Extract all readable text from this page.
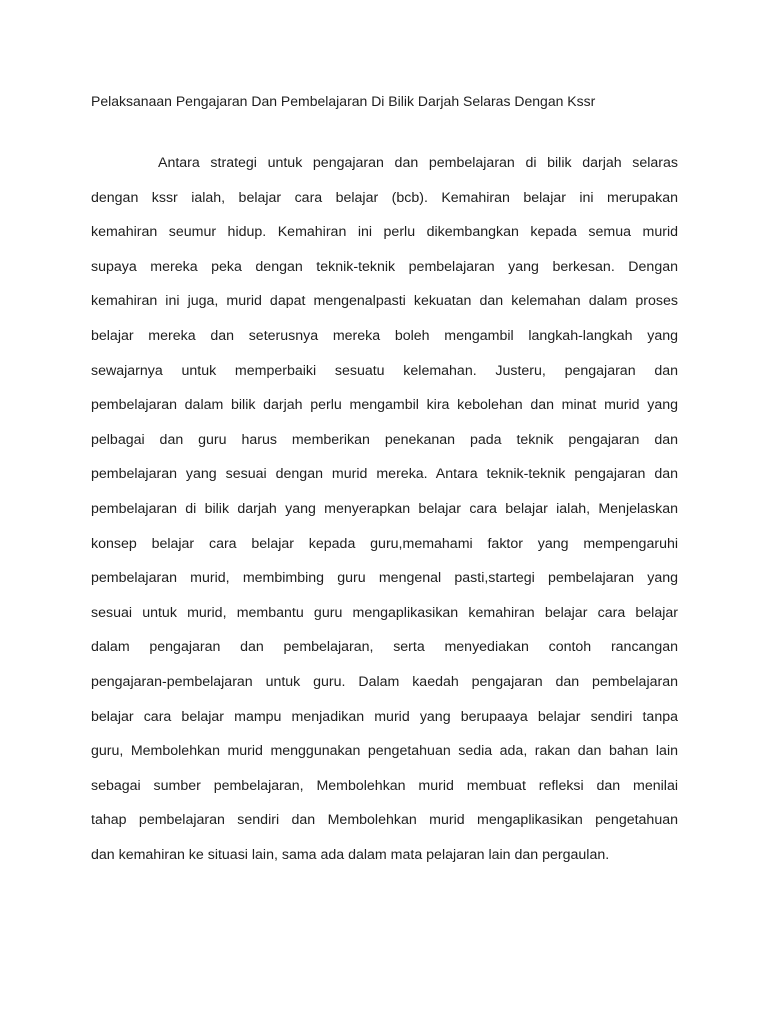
Pelaksanaan Pengajaran Dan Pembelajaran Di Bilik Darjah Selaras Dengan Kssr
Antara strategi untuk pengajaran dan pembelajaran di bilik darjah selaras
dengan kssr ialah, belajar cara belajar (bcb). Kemahiran belajar ini merupakan
kemahiran seumur hidup. Kemahiran ini perlu dikembangkan kepada semua murid
supaya mereka peka dengan teknik-teknik pembelajaran yang berkesan. Dengan
kemahiran ini juga, murid dapat mengenalpasti kekuatan dan kelemahan dalam proses
belajar mereka dan seterusnya mereka boleh mengambil langkah-langkah yang
sewajarnya untuk memperbaiki sesuatu kelemahan. Justeru, pengajaran dan
pembelajaran dalam bilik darjah perlu mengambil kira kebolehan dan minat murid yang
pelbagai dan guru harus memberikan penekanan pada teknik pengajaran dan
pembelajaran yang sesuai dengan murid mereka. Antara teknik-teknik pengajaran dan
pembelajaran di bilik darjah yang menyerapkan belajar cara belajar ialah, Menjelaskan
konsep belajar cara belajar kepada guru,memahami faktor yang mempengaruhi
pembelajaran murid, membimbing guru mengenal pasti,startegi pembelajaran yang
sesuai untuk murid, membantu guru mengaplikasikan kemahiran belajar cara belajar
dalam pengajaran dan pembelajaran, serta menyediakan contoh rancangan
pengajaran-pembelajaran untuk guru. Dalam kaedah pengajaran dan pembelajaran
belajar cara belajar mampu menjadikan murid yang berupaaya belajar sendiri tanpa
guru, Membolehkan murid menggunakan pengetahuan sedia ada, rakan dan bahan lain
sebagai sumber pembelajaran, Membolehkan murid membuat refleksi dan menilai
tahap pembelajaran sendiri dan Membolehkan murid mengaplikasikan pengetahuan
dan kemahiran ke situasi lain, sama ada dalam mata pelajaran lain dan pergaulan.
